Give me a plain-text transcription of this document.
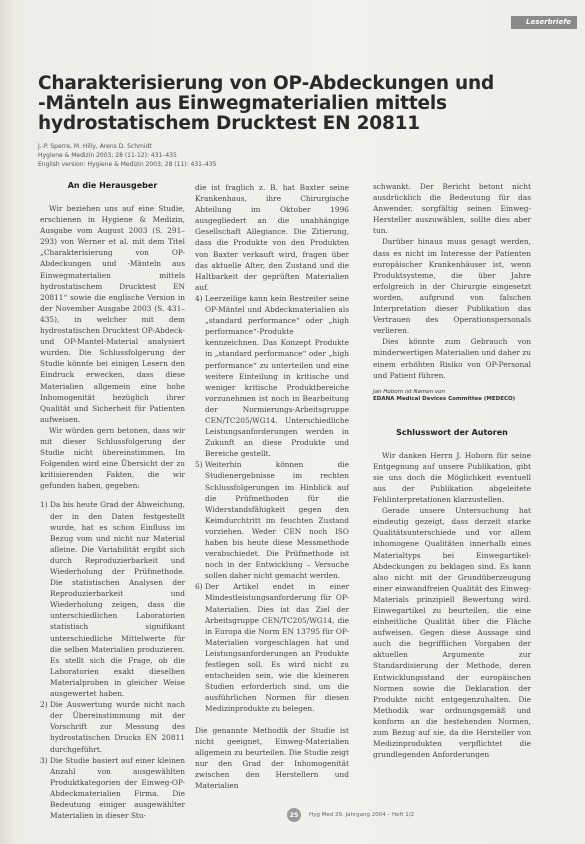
Leserbriefe
Charakterisierung von OP-Abdeckungen und
-Mänteln aus Einwegmaterialien mittels
hydrostatischem Drucktest EN 20811
J.-P. Sperre, M. Hilly, Arens D. Schmidt
Hygiene & Medizin 2003; 28 (11-12): 431–435
English version: Hygiene & Medizin 2003; 28 (11): 431–435
An die Herausgeber

Wir beziehen uns auf eine Studie, erschienen in Hygiene & Medizin, Ausgabe vom August 2003 (S. 291–293) von Werner et al. mit dem Titel „Charakterisierung von OP-Abdeckungen und -Mänteln aus Einwegmaterialien mittels hydrostatischem Drucktest EN 20811“ sowie die englische Version in der November Ausgabe 2003 (S. 431–435), in welcher mit dem hydrostatischen Drucktest OP-Abdeck- und OP-Mantel-Material analysiert wurden. Die Schlussfolgerung der Studie könnte bei einigen Lesern den Eindruck erwecken, dass diese Materialien allgemein eine hohe Inhomogenität bezüglich ihrer Qualität und Sicherheit für Patienten aufweisen.

Wir würden gern betonen, dass wir mit dieser Schlussfolgerung der Studie nicht übereinstimmen. Im Folgenden wird eine Übersicht der zu kritisierenden Fakten, die wir gefunden haben, gegeben:

1) Da bis heute Grad der Abweichung, der in den Daten festgestellt wurde, hat es schon Einfluss im Bezug vom und nicht nur Material alleine. Die Variabilität ergibt sich durch Reproduzierbarkeit und Wiederholung der Prüfmethode. Die statistischen Analysen der Reproduzierbarkeit und Wiederholung zeigen, dass die unterschiedlichen Laboratorien statistisch signifikant unterschiedliche Mittelwerte für die selben Materialien produzieren. Es stellt sich die Frage, ob die Laboratorien exakt dieselben Materialproben in gleicher Weise ausgewertet haben.
2) Die Auswertung wurde nicht nach der Übereinstimmung mit der Vorschrift zur Messung des hydrostatischen Drucks EN 20811 durchgeführt.
3) Die Studie basiert auf einer kleinen Anzahl von ausgewählten Produktkategorien der Einweg-OP-Abdeckmaterialien Firma. Die Bedeutung einiger ausgewählter Materialien in dieser Stu-

die ist fraglich z. B. hat Baxter seine Krankenhaus, ihre Chirurgische Abteilung im Oktober 1996 ausgegliedert an die unabhängige Gesellschaft Allegiance. Die Zitierung, dass die Produkte von den Produkten von Baxter verkauft wird, fragen über das aktuelle Alter, den Zustand und die Haltbarkeit der geprüften Materialien auf.

4) Leerzeilige kann kein Bestreiter seine OP-Mäntel und Abdeckmaterialien als „standard performance“ oder „high performance“-Produkte kennzeichnen. Das Konzept Produkte in „standard performance“ oder „high performance“ zu unterteilen und eine weitere Einteilung in kritische und weniger kritische Produktbereiche vorzunehmen ist noch in Bearbeitung der Normierungs-Arbeitsgruppe CEN/TC205/WG14. Unterschiedliche Leistungsanforderungen werden in Zukunft an diese Produkte und Bereiche gestellt.
5) Weiterhin können die Studienergebnisse im rechten Schlussfolgerungen im Hinblick auf die Prüfmethoden für die Widerstandsfähigkeit gegen den Keimdurchtritt im feuchten Zustand vorziehen. Weder CEN noch ISO haben bis heute diese Messmethode verabschiedet. Die Prüfmethode ist noch in der Entwicklung – Versuche sollen daher nicht gemacht werden.
6) Der Artikel endet in einer Mindestleistungsanforderung für OP-Materialien. Dies ist das Ziel der Arbeitsgruppe CEN/TC205/WG14, die in Europa die Norm EN 13795 für OP-Materialien vorgeschlagen hat und Leistungsanforderungen an Produkte festlegen soll. Es wird nicht zu entscheiden sein, wie die kleineren Studien erforderlich sind, um die ausführlichen Normen für diesen Medizinprodukte zu belegen.

Die genannte Methodik der Studie ist nicht geeignet, Einweg-Materialien allgemein zu beurteilen. Die Studie zeigt nur den Grad der Inhomogenität zwischen den Herstellern und Materialien

schwankt. Der Bericht betont nicht ausdrücklich die Bedeutung für das Anwender, sorgfältig seinen Einweg-Hersteller auszuwählen, sollte dies aber tun.

Darüber hinaus muss gesagt werden, dass es nicht im Interesse der Patienten europäischer Krankenhäuser ist, wenn Produktsysteme, die über Jahre erfolgreich in der Chirurgie eingesetzt worden, aufgrund von falschen Interpretation dieser Publikation das Vertrauen des Operationspersonals verlieren.

Dies könnte zum Gebrauch von minderwertigen Materialien und daher zu einem erhöhten Risiko von OP-Personal und Patient führen.

Jan Hoborn ist Namen von
EDANA Medical Devices Committee (MEDECO)
Schlusswort der Autoren

Wir danken Herrn J. Hoborn für seine Entgegnung auf unsere Publikation, gibt sie uns doch die Möglichkeit eventuell aus der Publikation abgeleitete Fehlinterpretationen klarzustellen.

Gerade unsere Untersuchung hat eindeutig gezeigt, dass derzeit starke Qualitätsunterschiede und vor allem inhomogene Qualitäten innerhalb eines Materialtyps bei Einwegartikel-Abdeckungen zu beklagen sind. Es kann also nicht mit der Grundüberzeugung einer einwandfreien Qualität des Einweg-Materials prinzipiell Bewertung wird. Einwegartikel zu beurteilen, die eine einheitliche Qualität über die Fläche aufweisen. Gegen diese Aussage sind auch die begrifflichen Vorgaben der aktuellen Argumente zur Standardisierung der Methode, deren Entwicklungsstand der europäischen Normen sowie die Deklaration der Produkte nicht entgegenzuhalten. Die Methodik war ordnungsgemäß und konform an die bestehenden Normen, zum Bezug auf sie, da die Hersteller von Medizinprodukten verpflichtet die grundlegenden Anforderungen

25	Hyg Med 29. Jahrgang 2004 – Heft 1/2
